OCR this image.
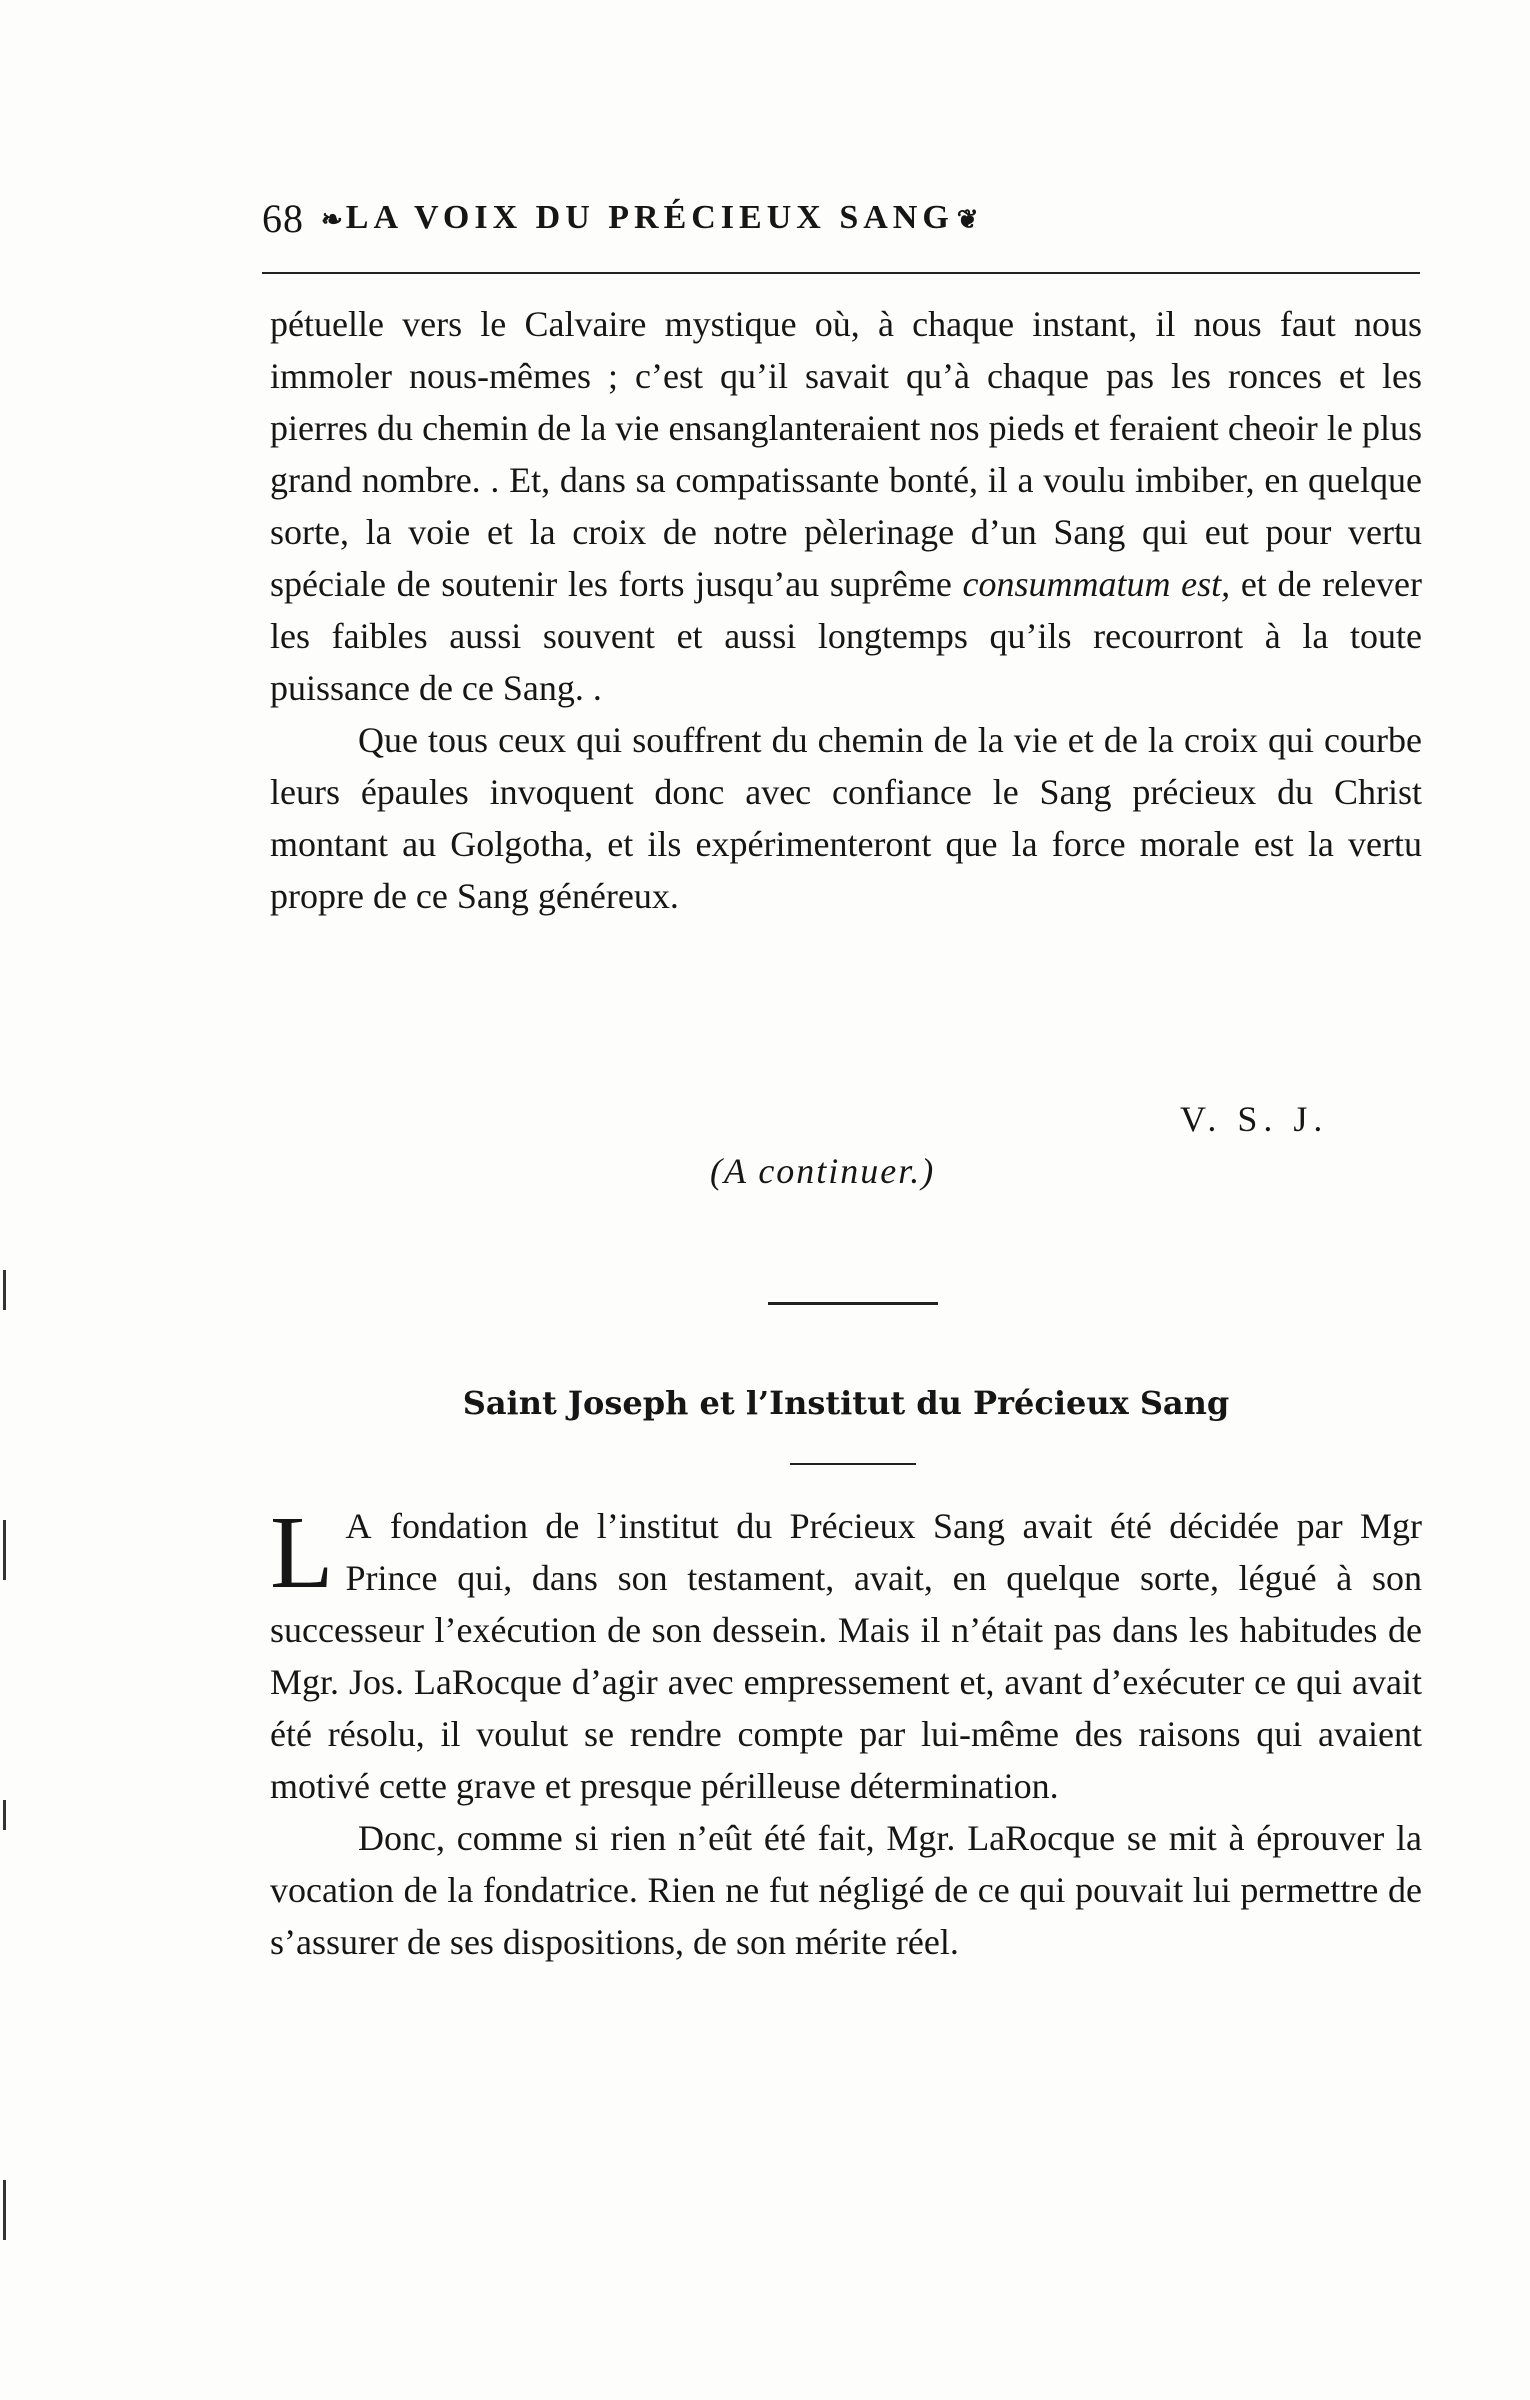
68 ❧LA VOIX DU PRÉCIEUX SANG ❦

pétuelle vers le Calvaire mystique où, à chaque instant, il nous faut nous immoler nous-mêmes ; c’est qu’il savait qu’à chaque pas les ronces et les pierres du chemin de la vie ensanglanteraient nos pieds et feraient cheoir le plus grand nombre. . Et, dans sa compatissante bonté, il a voulu imbiber, en quelque sorte, la voie et la croix de notre pèlerinage d’un Sang qui eut pour vertu spéciale de soutenir les forts jusqu’au suprême consummatum est, et de relever les faibles aussi souvent et aussi longtemps qu’ils recourront à la toute puissance de ce Sang. .

Que tous ceux qui souffrent du chemin de la vie et de la croix qui courbe leurs épaules invoquent donc avec confiance le Sang précieux du Christ montant au Golgotha, et ils expérimenteront que la force morale est la vertu propre de ce Sang généreux.

V. S. J.
(A continuer.)
Saint Joseph et l’Institut du Précieux Sang

L A fondation de l’institut du Précieux Sang avait été décidée par Mgr Prince qui, dans son testament, avait, en quelque sorte, légué à son successeur l’exécution de son dessein. Mais il n’était pas dans les habitudes de Mgr. Jos. LaRocque d’agir avec empressement et, avant d’exécuter ce qui avait été résolu, il voulut se rendre compte par lui-même des raisons qui avaient motivé cette grave et presque périlleuse détermination.

Donc, comme si rien n’eût été fait, Mgr. LaRocque se mit à éprouver la vocation de la fondatrice. Rien ne fut négligé de ce qui pouvait lui permettre de s’assurer de ses dispositions, de son mérite réel.
